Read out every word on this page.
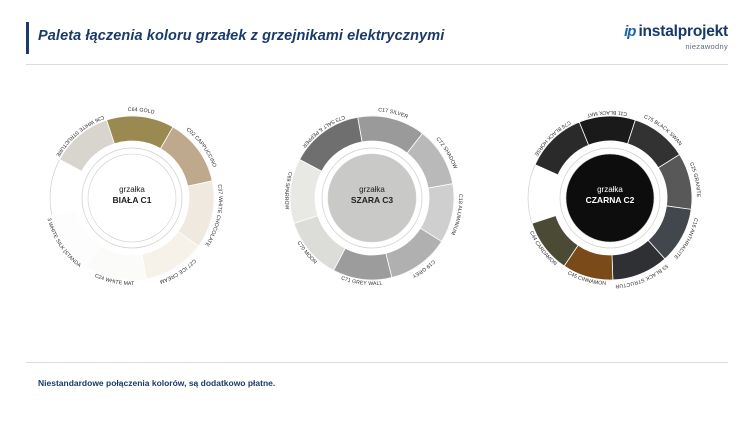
Paleta łączenia koloru grzałek z grzejnikami elektrycznymi	ip instalprojekt
niezawodny
C36 WHITE STRUCTURE
C64 GOLD
C02 CAPPUCCINO
C37 WHITE CHOCOLATE
C27 ICE CREAM
C24 WHITE MAT
C33 WHITE SILK [STANDARD]
grzałka
BIAŁA C1
C73 SALT & PEPPER
C17 SILVER
C72 SHADOW
C18 ALUMINIUM
C19 GREY
C71 GREY WALL
C70 MOON
C69 SPARROW
grzałka
SZARA C3
C76 BLACK HORSE
C11 BLACK MAT	C75 BLACK SWAN
C25 GRANITE
C16 ANTHRACITE
C53 BLACK STRUCTURE
C45 CINNAMON
C44 CARDAMON
grzałka
CZARNA C2
Niestandardowe połączenia kolorów, są dodatkowo płatne.
